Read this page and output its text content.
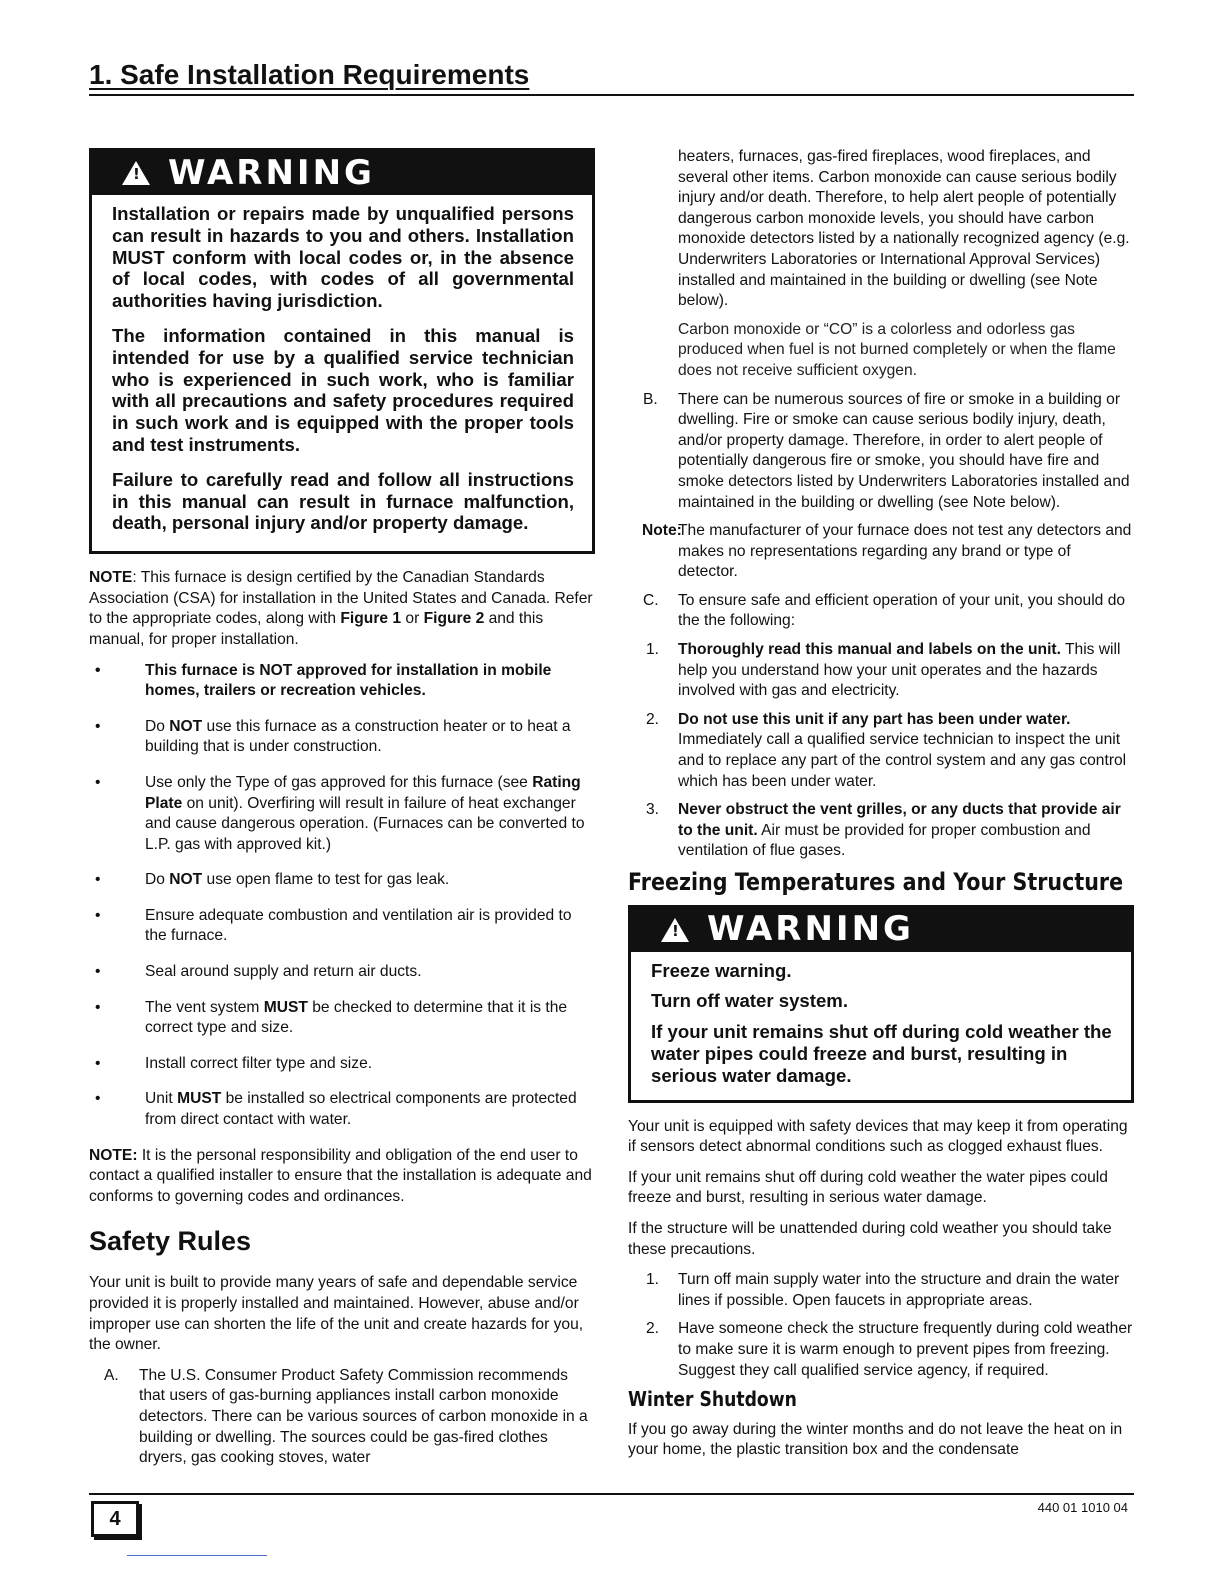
1. Safe Installation Requirements
!
WARNING

Installation or repairs made by unqualified persons can result in hazards to you and others. Installation MUST conform with local codes or, in the absence of local codes, with codes of all governmental authorities having jurisdiction.

The information contained in this manual is intended for use by a qualified service technician who is experienced in such work, who is familiar with all precautions and safety procedures required in such work and is equipped with the proper tools and test instruments.

Failure to carefully read and follow all instructions in this manual can result in furnace malfunction, death, personal injury and/or property damage.

NOTE: This furnace is design certified by the Canadian Standards Association (CSA) for installation in the United States and Canada. Refer to the appropriate codes, along with Figure 1 or Figure 2 and this manual, for proper installation.

• This furnace is NOT approved for installation in mobile homes, trailers or recreation vehicles.
• Do NOT use this furnace as a construction heater or to heat a building that is under construction.
• Use only the Type of gas approved for this furnace (see Rating Plate on unit). Overfiring will result in failure of heat exchanger and cause dangerous operation. (Furnaces can be converted to L.P. gas with approved kit.)
• Do NOT use open flame to test for gas leak.
• Ensure adequate combustion and ventilation air is provided to the furnace.
• Seal around supply and return air ducts.
• The vent system MUST be checked to determine that it is the correct type and size.
• Install correct filter type and size.
• Unit MUST be installed so electrical components are protected from direct contact with water.

NOTE: It is the personal responsibility and obligation of the end user to contact a qualified installer to ensure that the installation is adequate and conforms to governing codes and ordinances.

Safety Rules

Your unit is built to provide many years of safe and dependable service provided it is properly installed and maintained. However, abuse and/or improper use can shorten the life of the unit and create hazards for you, the owner.

A. The U.S. Consumer Product Safety Commission recommends that users of gas-burning appliances install carbon monoxide detectors. There can be various sources of carbon monoxide in a building or dwelling. The sources could be gas-fired clothes dryers, gas cooking stoves, water
heaters, furnaces, gas-fired fireplaces, wood fireplaces, and several other items. Carbon monoxide can cause serious bodily injury and/or death. Therefore, to help alert people of potentially dangerous carbon monoxide levels, you should have carbon monoxide detectors listed by a nationally recognized agency (e.g. Underwriters Laboratories or International Approval Services) installed and maintained in the building or dwelling (see Note below).
Carbon monoxide or “CO” is a colorless and odorless gas produced when fuel is not burned completely or when the flame does not receive sufficient oxygen.
B. There can be numerous sources of fire or smoke in a building or dwelling. Fire or smoke can cause serious bodily injury, death, and/or property damage. Therefore, in order to alert people of potentially dangerous fire or smoke, you should have fire and smoke detectors listed by Underwriters Laboratories installed and maintained in the building or dwelling (see Note below).
Note:
The manufacturer of your furnace does not test any detectors and makes no representations regarding any brand or type of detector.
C. To ensure safe and efficient operation of your unit, you should do the the following:
1. Thoroughly read this manual and labels on the unit. This will help you understand how your unit operates and the hazards involved with gas and electricity.
2. Do not use this unit if any part has been under water. Immediately call a qualified service technician to inspect the unit and to replace any part of the control system and any gas control which has been under water.
3. Never obstruct the vent grilles, or any ducts that provide air to the unit. Air must be provided for proper combustion and ventilation of flue gases.
Freezing Temperatures and Your Structure
!
WARNING

Freeze warning.

Turn off water system.

If your unit remains shut off during cold weather the water pipes could freeze and burst, resulting in serious water damage.

Your unit is equipped with safety devices that may keep it from operating if sensors detect abnormal conditions such as clogged exhaust flues.

If your unit remains shut off during cold weather the water pipes could freeze and burst, resulting in serious water damage.

If the structure will be unattended during cold weather you should take these precautions.

1. Turn off main supply water into the structure and drain the water lines if possible. Open faucets in appropriate areas.
2. Have someone check the structure frequently during cold weather to make sure it is warm enough to prevent pipes from freezing. Suggest they call qualified service agency, if required.
Winter Shutdown

If you go away during the winter months and do not leave the heat on in your home, the plastic transition box and the condensate

4
440 01 1010 04
